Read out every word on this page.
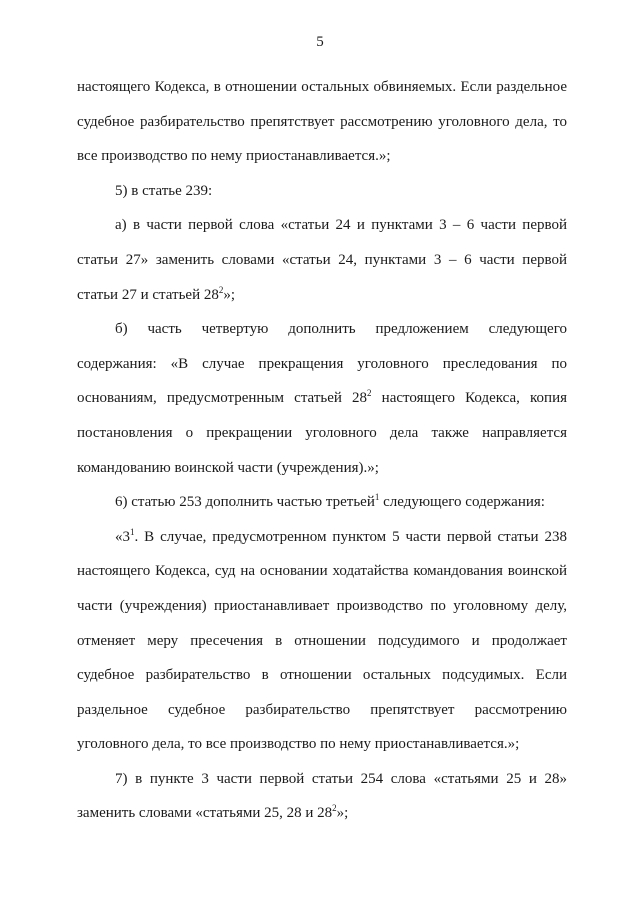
5

настоящего Кодекса, в отношении остальных обвиняемых. Если раздельное судебное разбирательство препятствует рассмотрению уголовного дела, то все производство по нему приостанавливается.»;

5) в статье 239:

а) в части первой слова «статьи 24 и пунктами 3 – 6 части первой статьи 27» заменить словами «статьи 24, пунктами 3 – 6 части первой статьи 27 и статьей $28^2$»;

б) часть четвертую дополнить предложением следующего содержания: «В случае прекращения уголовного преследования по основаниям, предусмотренным статьей $28^2$ настоящего Кодекса, копия постановления о прекращении уголовного дела также направляется командованию воинской части (учреждения).»;

6) статью 253 дополнить частью третьей$^1$ следующего содержания:

«$3^1$. В случае, предусмотренном пунктом 5 части первой статьи 238 настоящего Кодекса, суд на основании ходатайства командования воинской части (учреждения) приостанавливает производство по уголовному делу, отменяет меру пресечения в отношении подсудимого и продолжает судебное разбирательство в отношении остальных подсудимых. Если раздельное судебное разбирательство препятствует рассмотрению уголовного дела, то все производство по нему приостанавливается.»;

7) в пункте 3 части первой статьи 254 слова «статьями 25 и 28» заменить словами «статьями 25, 28 и $28^2$»;
